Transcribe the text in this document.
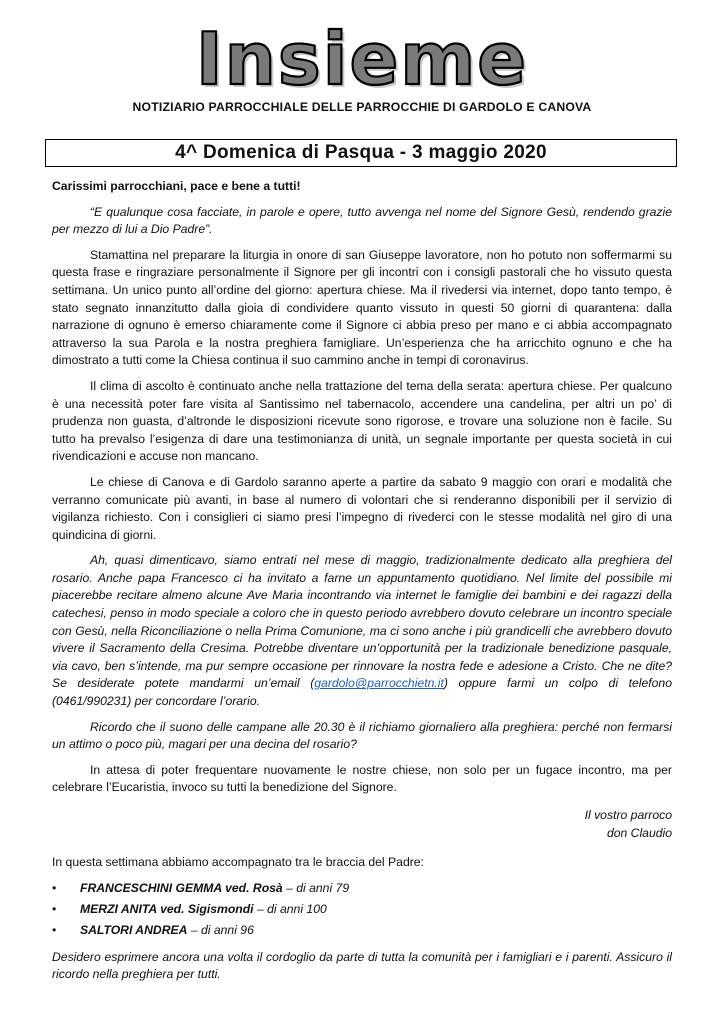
Insieme
NOTIZIARIO PARROCCHIALE DELLE PARROCCHIE DI GARDOLO E CANOVA
4^ Domenica di Pasqua - 3 maggio 2020

Carissimi parrocchiani, pace e bene a tutti!

“E qualunque cosa facciate, in parole e opere, tutto avvenga nel nome del Signore Gesù, rendendo grazie per mezzo di lui a Dio Padre”.

Stamattina nel preparare la liturgia in onore di san Giuseppe lavoratore, non ho potuto non soffermarmi su questa frase e ringraziare personalmente il Signore per gli incontri con i consigli pastorali che ho vissuto questa settimana. Un unico punto all’ordine del giorno: apertura chiese. Ma il rivedersi via internet, dopo tanto tempo, è stato segnato innanzitutto dalla gioia di condividere quanto vissuto in questi 50 giorni di quarantena: dalla narrazione di ognuno è emerso chiaramente come il Signore ci abbia preso per mano e ci abbia accompagnato attraverso la sua Parola e la nostra preghiera famigliare. Un’esperienza che ha arricchito ognuno e che ha dimostrato a tutti come la Chiesa continua il suo cammino anche in tempi di coronavirus.

Il clima di ascolto è continuato anche nella trattazione del tema della serata: apertura chiese. Per qualcuno è una necessità poter fare visita al Santissimo nel tabernacolo, accendere una candelina, per altri un po’ di prudenza non guasta, d’altronde le disposizioni ricevute sono rigorose, e trovare una soluzione non è facile. Su tutto ha prevalso l’esigenza di dare una testimonianza di unità, un segnale importante per questa società in cui rivendicazioni e accuse non mancano.

Le chiese di Canova e di Gardolo saranno aperte a partire da sabato 9 maggio con orari e modalità che verranno comunicate più avanti, in base al numero di volontari che si renderanno disponibili per il servizio di vigilanza richiesto. Con i consiglieri ci siamo presi l’impegno di rivederci con le stesse modalità nel giro di una quindicina di giorni.

Ah, quasi dimenticavo, siamo entrati nel mese di maggio, tradizionalmente dedicato alla preghiera del rosario. Anche papa Francesco ci ha invitato a farne un appuntamento quotidiano. Nel limite del possibile mi piacerebbe recitare almeno alcune Ave Maria incontrando via internet le famiglie dei bambini e dei ragazzi della catechesi, penso in modo speciale a coloro che in questo periodo avrebbero dovuto celebrare un incontro speciale con Gesù, nella Riconciliazione o nella Prima Comunione, ma ci sono anche i più grandicelli che avrebbero dovuto vivere il Sacramento della Cresima. Potrebbe diventare un’opportunità per la tradizionale benedizione pasquale, via cavo, ben s’intende, ma pur sempre occasione per rinnovare la nostra fede e adesione a Cristo. Che ne dite? Se desiderate potete mandarmi un’email (gardolo@parrocchietn.it) oppure farmi un colpo di telefono (0461/990231) per concordare l’orario.

Ricordo che il suono delle campane alle 20.30 è il richiamo giornaliero alla preghiera: perché non fermarsi un attimo o poco più, magari per una decina del rosario?

In attesa di poter frequentare nuovamente le nostre chiese, non solo per un fugace incontro, ma per celebrare l’Eucaristia, invoco su tutti la benedizione del Signore.

Il vostro parroco
don Claudio

In questa settimana abbiamo accompagnato tra le braccia del Padre:

• FRANCESCHINI GEMMA ved. Rosà – di anni 79
• MERZI ANITA ved. Sigismondi – di anni 100
• SALTORI ANDREA – di anni 96

Desidero esprimere ancora una volta il cordoglio da parte di tutta la comunità per i famigliari e i parenti. Assicuro il ricordo nella preghiera per tutti.
